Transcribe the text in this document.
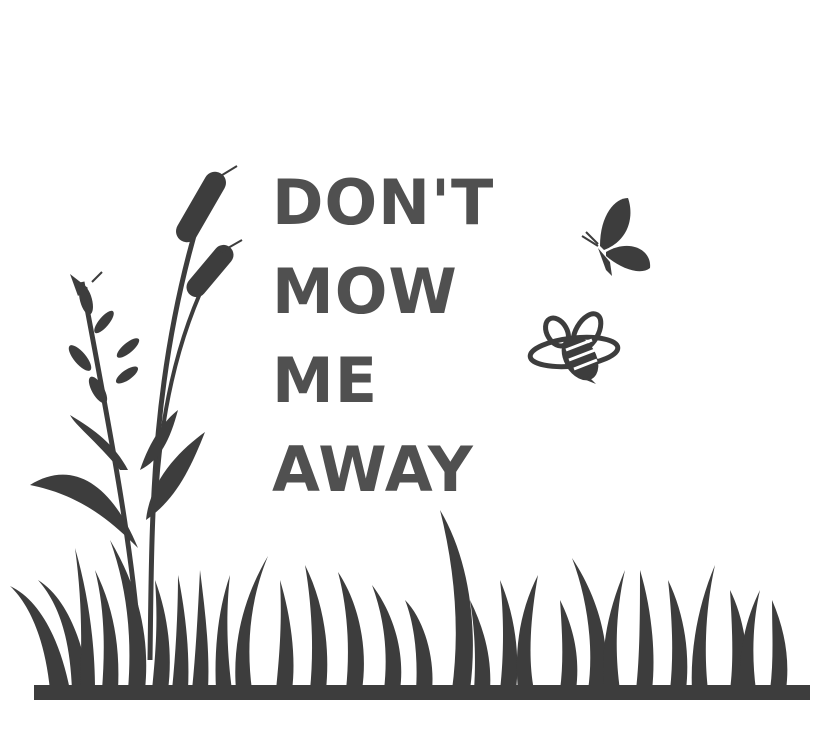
DON'T
MOW
ME
AWAY
